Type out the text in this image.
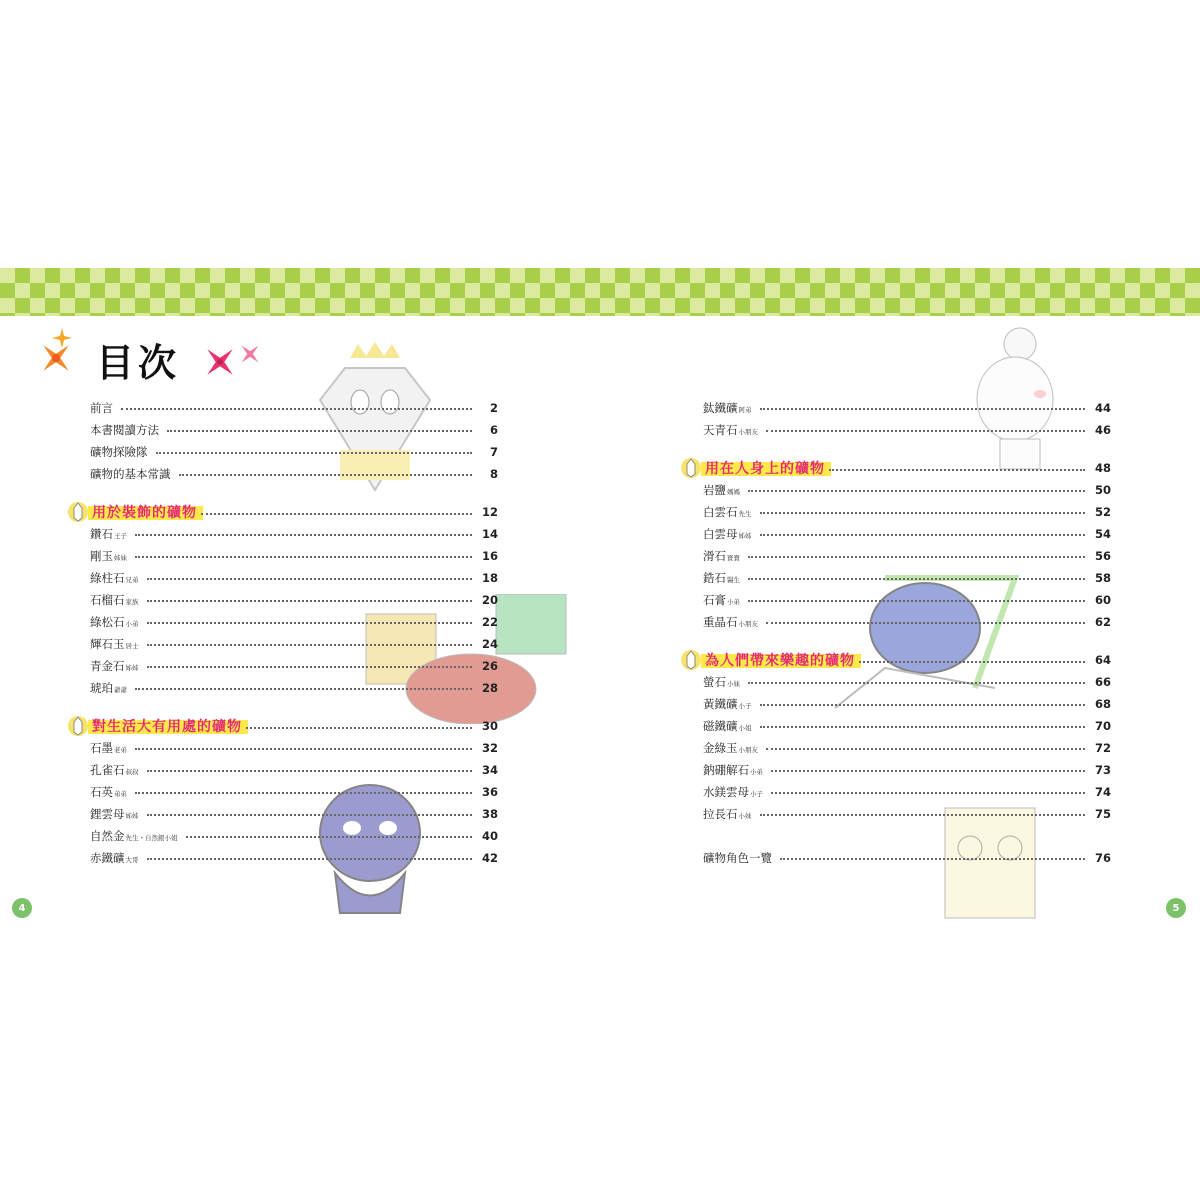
目次
前言	2
本書閱讀方法	6
礦物探險隊	7
礦物的基本常識	8
用於裝飾的礦物	12
鑽石 王子	14
剛玉 姊妹	16
綠柱石 兄弟	18
石榴石 家族	20
綠松石 小弟	22
輝石玉 居士	24
青金石 姊姊	26
琥珀 爺爺	28
對生活大有用處的礦物	30
石墨 老弟	32
孔雀石 叔叔	34
石英 弟弟	36
鋰雲母 姊姊	38
自然金 先生・自然銀小姐	40
赤鐵礦 大哥	42
鈦鐵礦 阿弟	44
天青石 小朋友	46
用在人身上的礦物	48
岩鹽 媽媽	50
白雲石 先生	52
白雲母 姊姊	54
滑石 寶寶	56
鋯石 醫生	58
石膏 小弟	60
重晶石 小朋友	62
為人們帶來樂趣的礦物	64
螢石 小妹	66
黃鐵礦 小子	68
磁鐵礦 小姐	70
金綠玉 小朋友	72
鈉硼解石 小弟	73
水鎂雲母 小子	74
拉長石 小妹	75
礦物角色一覽	76
4	5
